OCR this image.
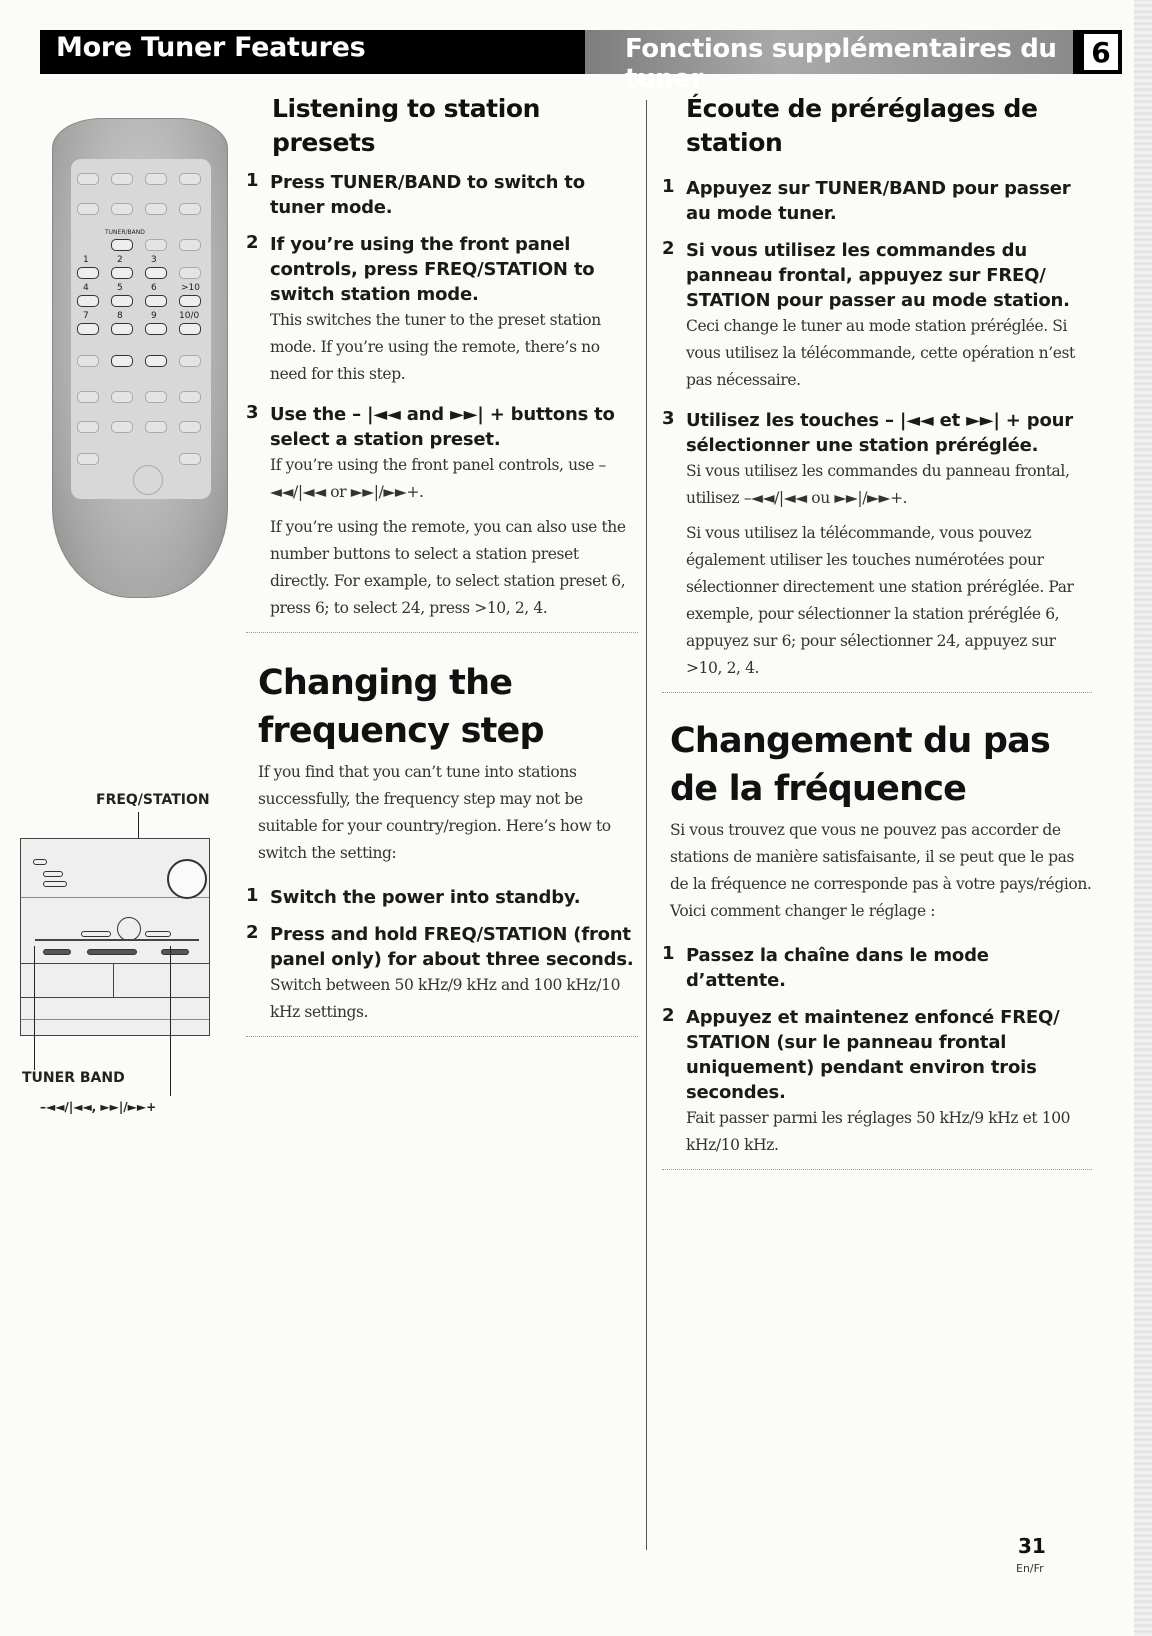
More Tuner Features	Fonctions supplémentaires du tuner
6
TUNER/BAND
1	2	3
4	5	6	>10
7	8	9 10/0
FREQ/STATION
TUNER BAND
–◄◄/|◄◄, ►►|/►►+
Listening to station presets
1 Press TUNER/BAND to switch to tuner mode.
2 If you’re using the front panel controls, press FREQ/STATION to switch station mode.
This switches the tuner to the preset station mode. If you’re using the remote, there’s no need for this step.
3 Use the – |◄◄ and ►►| + buttons to select a station preset.
If you’re using the front panel controls, use –◄◄/|◄◄ or ►►|/►►+.
If you’re using the remote, you can also use the number buttons to select a station preset directly. For example, to select station preset 6, press 6; to select 24, press >10, 2, 4.
Changing the frequency step
If you find that you can’t tune into stations successfully, the frequency step may not be suitable for your country/region. Here’s how to switch the setting:
1 Switch the power into standby.
2 Press and hold FREQ/STATION (front panel only) for about three seconds.
Switch between 50 kHz/9 kHz and 100 kHz/10 kHz settings.
Écoute de préréglages de station
1 Appuyez sur TUNER/BAND pour passer au mode tuner.
2 Si vous utilisez les commandes du panneau frontal, appuyez sur FREQ/ STATION pour passer au mode station.
Ceci change le tuner au mode station préréglée. Si vous utilisez la télécommande, cette opération n’est pas nécessaire.
3 Utilisez les touches – |◄◄ et ►►| + pour sélectionner une station préréglée.
Si vous utilisez les commandes du panneau frontal, utilisez –◄◄/|◄◄ ou ►►|/►►+.
Si vous utilisez la télécommande, vous pouvez également utiliser les touches numérotées pour sélectionner directement une station préréglée. Par exemple, pour sélectionner la station préréglée 6, appuyez sur 6; pour sélectionner 24, appuyez sur >10, 2, 4.
Changement du pas de la fréquence
Si vous trouvez que vous ne pouvez pas accorder de stations de manière satisfaisante, il se peut que le pas de la fréquence ne corresponde pas à votre pays/région. Voici comment changer le réglage :
1 Passez la chaîne dans le mode d’attente.
2 Appuyez et maintenez enfoncé FREQ/ STATION (sur le panneau frontal uniquement) pendant environ trois secondes.
Fait passer parmi les réglages 50 kHz/9 kHz et 100 kHz/10 kHz.
31
En/Fr
